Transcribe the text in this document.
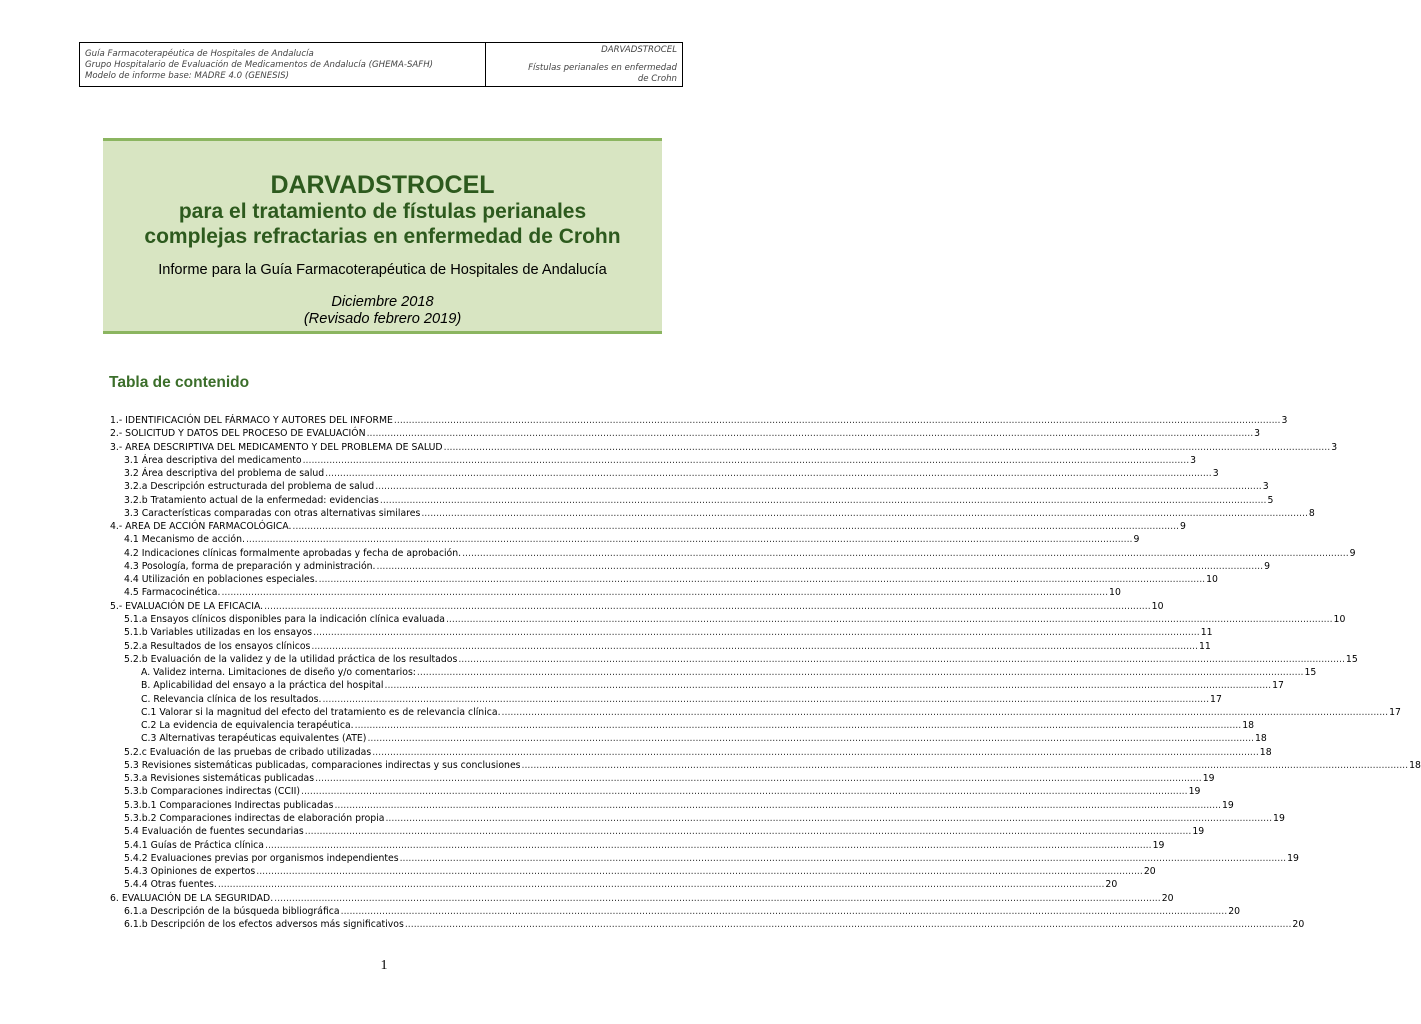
Guía Farmacoterapéutica de Hospitales de Andalucía
Grupo Hospitalario de Evaluación de Medicamentos de Andalucía (GHEMA-SAFH)
Modelo de informe base: MADRE 4.0 (GENESIS)
DARVADSTROCEL
Fístulas perianales en enfermedad
de Crohn
DARVADSTROCEL
para el tratamiento de fístulas perianales
complejas refractarias en enfermedad de Crohn
Informe para la Guía Farmacoterapéutica de Hospitales de Andalucía
Diciembre 2018
(Revisado febrero 2019)
Tabla de contenido
1.- IDENTIFICACIÓN DEL FÁRMACO Y AUTORES DEL INFORME ............................................................................................................................................................................................................................................................................................................ 3
2.- SOLICITUD Y DATOS DEL PROCESO DE EVALUACIÓN ............................................................................................................................................................................................................................................................................................................ 3
3.- AREA DESCRIPTIVA DEL MEDICAMENTO Y DEL PROBLEMA DE SALUD ............................................................................................................................................................................................................................................................................................................ 3
3.1 Área descriptiva del medicamento ............................................................................................................................................................................................................................................................................................................ 3
3.2 Área descriptiva del problema de salud ............................................................................................................................................................................................................................................................................................................ 3
3.2.a Descripción estructurada del problema de salud ............................................................................................................................................................................................................................................................................................................ 3
3.2.b Tratamiento actual de la enfermedad: evidencias ............................................................................................................................................................................................................................................................................................................ 5
3.3 Características comparadas con otras alternativas similares ............................................................................................................................................................................................................................................................................................................ 8
4.- AREA DE ACCIÓN FARMACOLÓGICA. ............................................................................................................................................................................................................................................................................................................ 9
4.1 Mecanismo de acción. ............................................................................................................................................................................................................................................................................................................ 9
4.2 Indicaciones clínicas formalmente aprobadas y fecha de aprobación. ............................................................................................................................................................................................................................................................................................................ 9
4.3 Posología, forma de preparación y administración. ............................................................................................................................................................................................................................................................................................................ 9
4.4 Utilización en poblaciones especiales. ............................................................................................................................................................................................................................................................................................................ 10
4.5 Farmacocinética. ............................................................................................................................................................................................................................................................................................................ 10
5.- EVALUACIÓN DE LA EFICACIA. ............................................................................................................................................................................................................................................................................................................ 10
5.1.a Ensayos clínicos disponibles para la indicación clínica evaluada ............................................................................................................................................................................................................................................................................................................ 10
5.1.b Variables utilizadas en los ensayos ............................................................................................................................................................................................................................................................................................................ 11
5.2.a Resultados de los ensayos clínicos ............................................................................................................................................................................................................................................................................................................ 11
5.2.b Evaluación de la validez y de la utilidad práctica de los resultados ............................................................................................................................................................................................................................................................................................................ 15
A. Validez interna. Limitaciones de diseño y/o comentarios: ............................................................................................................................................................................................................................................................................................................ 15
B. Aplicabilidad del ensayo a la práctica del hospital ............................................................................................................................................................................................................................................................................................................ 17
C. Relevancia clínica de los resultados. ............................................................................................................................................................................................................................................................................................................ 17
C.1 Valorar si la magnitud del efecto del tratamiento es de relevancia clínica. ............................................................................................................................................................................................................................................................................................................ 17
C.2 La evidencia de equivalencia terapéutica. ............................................................................................................................................................................................................................................................................................................ 18
C.3 Alternativas terapéuticas equivalentes (ATE) ............................................................................................................................................................................................................................................................................................................ 18
5.2.c Evaluación de las pruebas de cribado utilizadas ............................................................................................................................................................................................................................................................................................................ 18
5.3 Revisiones sistemáticas publicadas, comparaciones indirectas y sus conclusiones ............................................................................................................................................................................................................................................................................................................ 18
5.3.a Revisiones sistemáticas publicadas ............................................................................................................................................................................................................................................................................................................ 19
5.3.b Comparaciones indirectas (CCII) ............................................................................................................................................................................................................................................................................................................ 19
5.3.b.1 Comparaciones Indirectas publicadas ............................................................................................................................................................................................................................................................................................................ 19
5.3.b.2 Comparaciones indirectas de elaboración propia ............................................................................................................................................................................................................................................................................................................ 19
5.4 Evaluación de fuentes secundarias ............................................................................................................................................................................................................................................................................................................ 19
5.4.1 Guías de Práctica clínica ............................................................................................................................................................................................................................................................................................................ 19
5.4.2 Evaluaciones previas por organismos independientes ............................................................................................................................................................................................................................................................................................................ 19
5.4.3 Opiniones de expertos ............................................................................................................................................................................................................................................................................................................ 20
5.4.4 Otras fuentes. ............................................................................................................................................................................................................................................................................................................ 20
6. EVALUACIÓN DE LA SEGURIDAD. ............................................................................................................................................................................................................................................................................................................ 20
6.1.a Descripción de la búsqueda bibliográfica ............................................................................................................................................................................................................................................................................................................ 20
6.1.b Descripción de los efectos adversos más significativos ............................................................................................................................................................................................................................................................................................................ 20
1
